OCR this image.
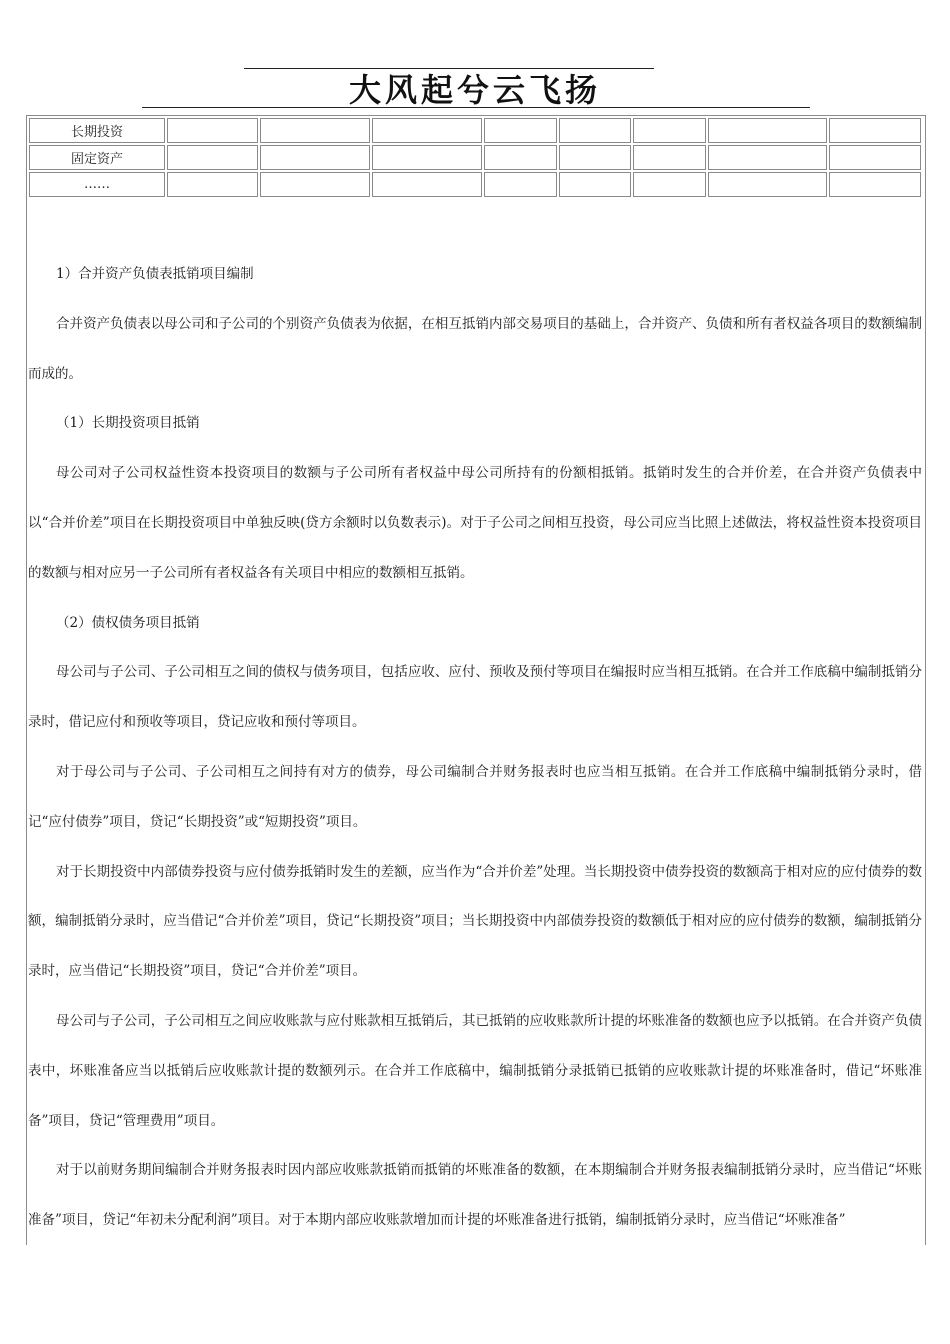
大风起兮云飞扬
长期投资								
固定资产								
……								

1）合并资产负债表抵销项目编制

合并资产负债表以母公司和子公司的个别资产负债表为依据，在相互抵销内部交易项目的基础上，合并资产、负债和所有者权益各项目的数额编制而成的。

（1）长期投资项目抵销

母公司对子公司权益性资本投资项目的数额与子公司所有者权益中母公司所持有的份额相抵销。抵销时发生的合并价差，在合并资产负债表中以“合并价差”项目在长期投资项目中单独反映(贷方余额时以负数表示)。对于子公司之间相互投资，母公司应当比照上述做法，将权益性资本投资项目的数额与相对应另一子公司所有者权益各有关项目中相应的数额相互抵销。

（2）债权债务项目抵销

母公司与子公司、子公司相互之间的债权与债务项目，包括应收、应付、预收及预付等项目在编报时应当相互抵销。在合并工作底稿中编制抵销分录时，借记应付和预收等项目，贷记应收和预付等项目。

对于母公司与子公司、子公司相互之间持有对方的债券，母公司编制合并财务报表时也应当相互抵销。在合并工作底稿中编制抵销分录时，借记“应付债券”项目，贷记“长期投资”或“短期投资”项目。

对于长期投资中内部债券投资与应付债券抵销时发生的差额，应当作为“合并价差”处理。当长期投资中债券投资的数额高于相对应的应付债券的数额，编制抵销分录时，应当借记“合并价差”项目，贷记“长期投资”项目；当长期投资中内部债券投资的数额低于相对应的应付债券的数额，编制抵销分录时，应当借记“长期投资”项目，贷记“合并价差”项目。

母公司与子公司，子公司相互之间应收账款与应付账款相互抵销后，其已抵销的应收账款所计提的坏账准备的数额也应予以抵销。在合并资产负债表中，坏账准备应当以抵销后应收账款计提的数额列示。在合并工作底稿中，编制抵销分录抵销已抵销的应收账款计提的坏账准备时，借记“坏账准备”项目，贷记“管理费用”项目。

对于以前财务期间编制合并财务报表时因内部应收账款抵销而抵销的坏账准备的数额，在本期编制合并财务报表编制抵销分录时，应当借记“坏账准备”项目，贷记“年初未分配利润”项目。对于本期内部应收账款增加而计提的坏账准备进行抵销，编制抵销分录时，应当借记“坏账准备”
